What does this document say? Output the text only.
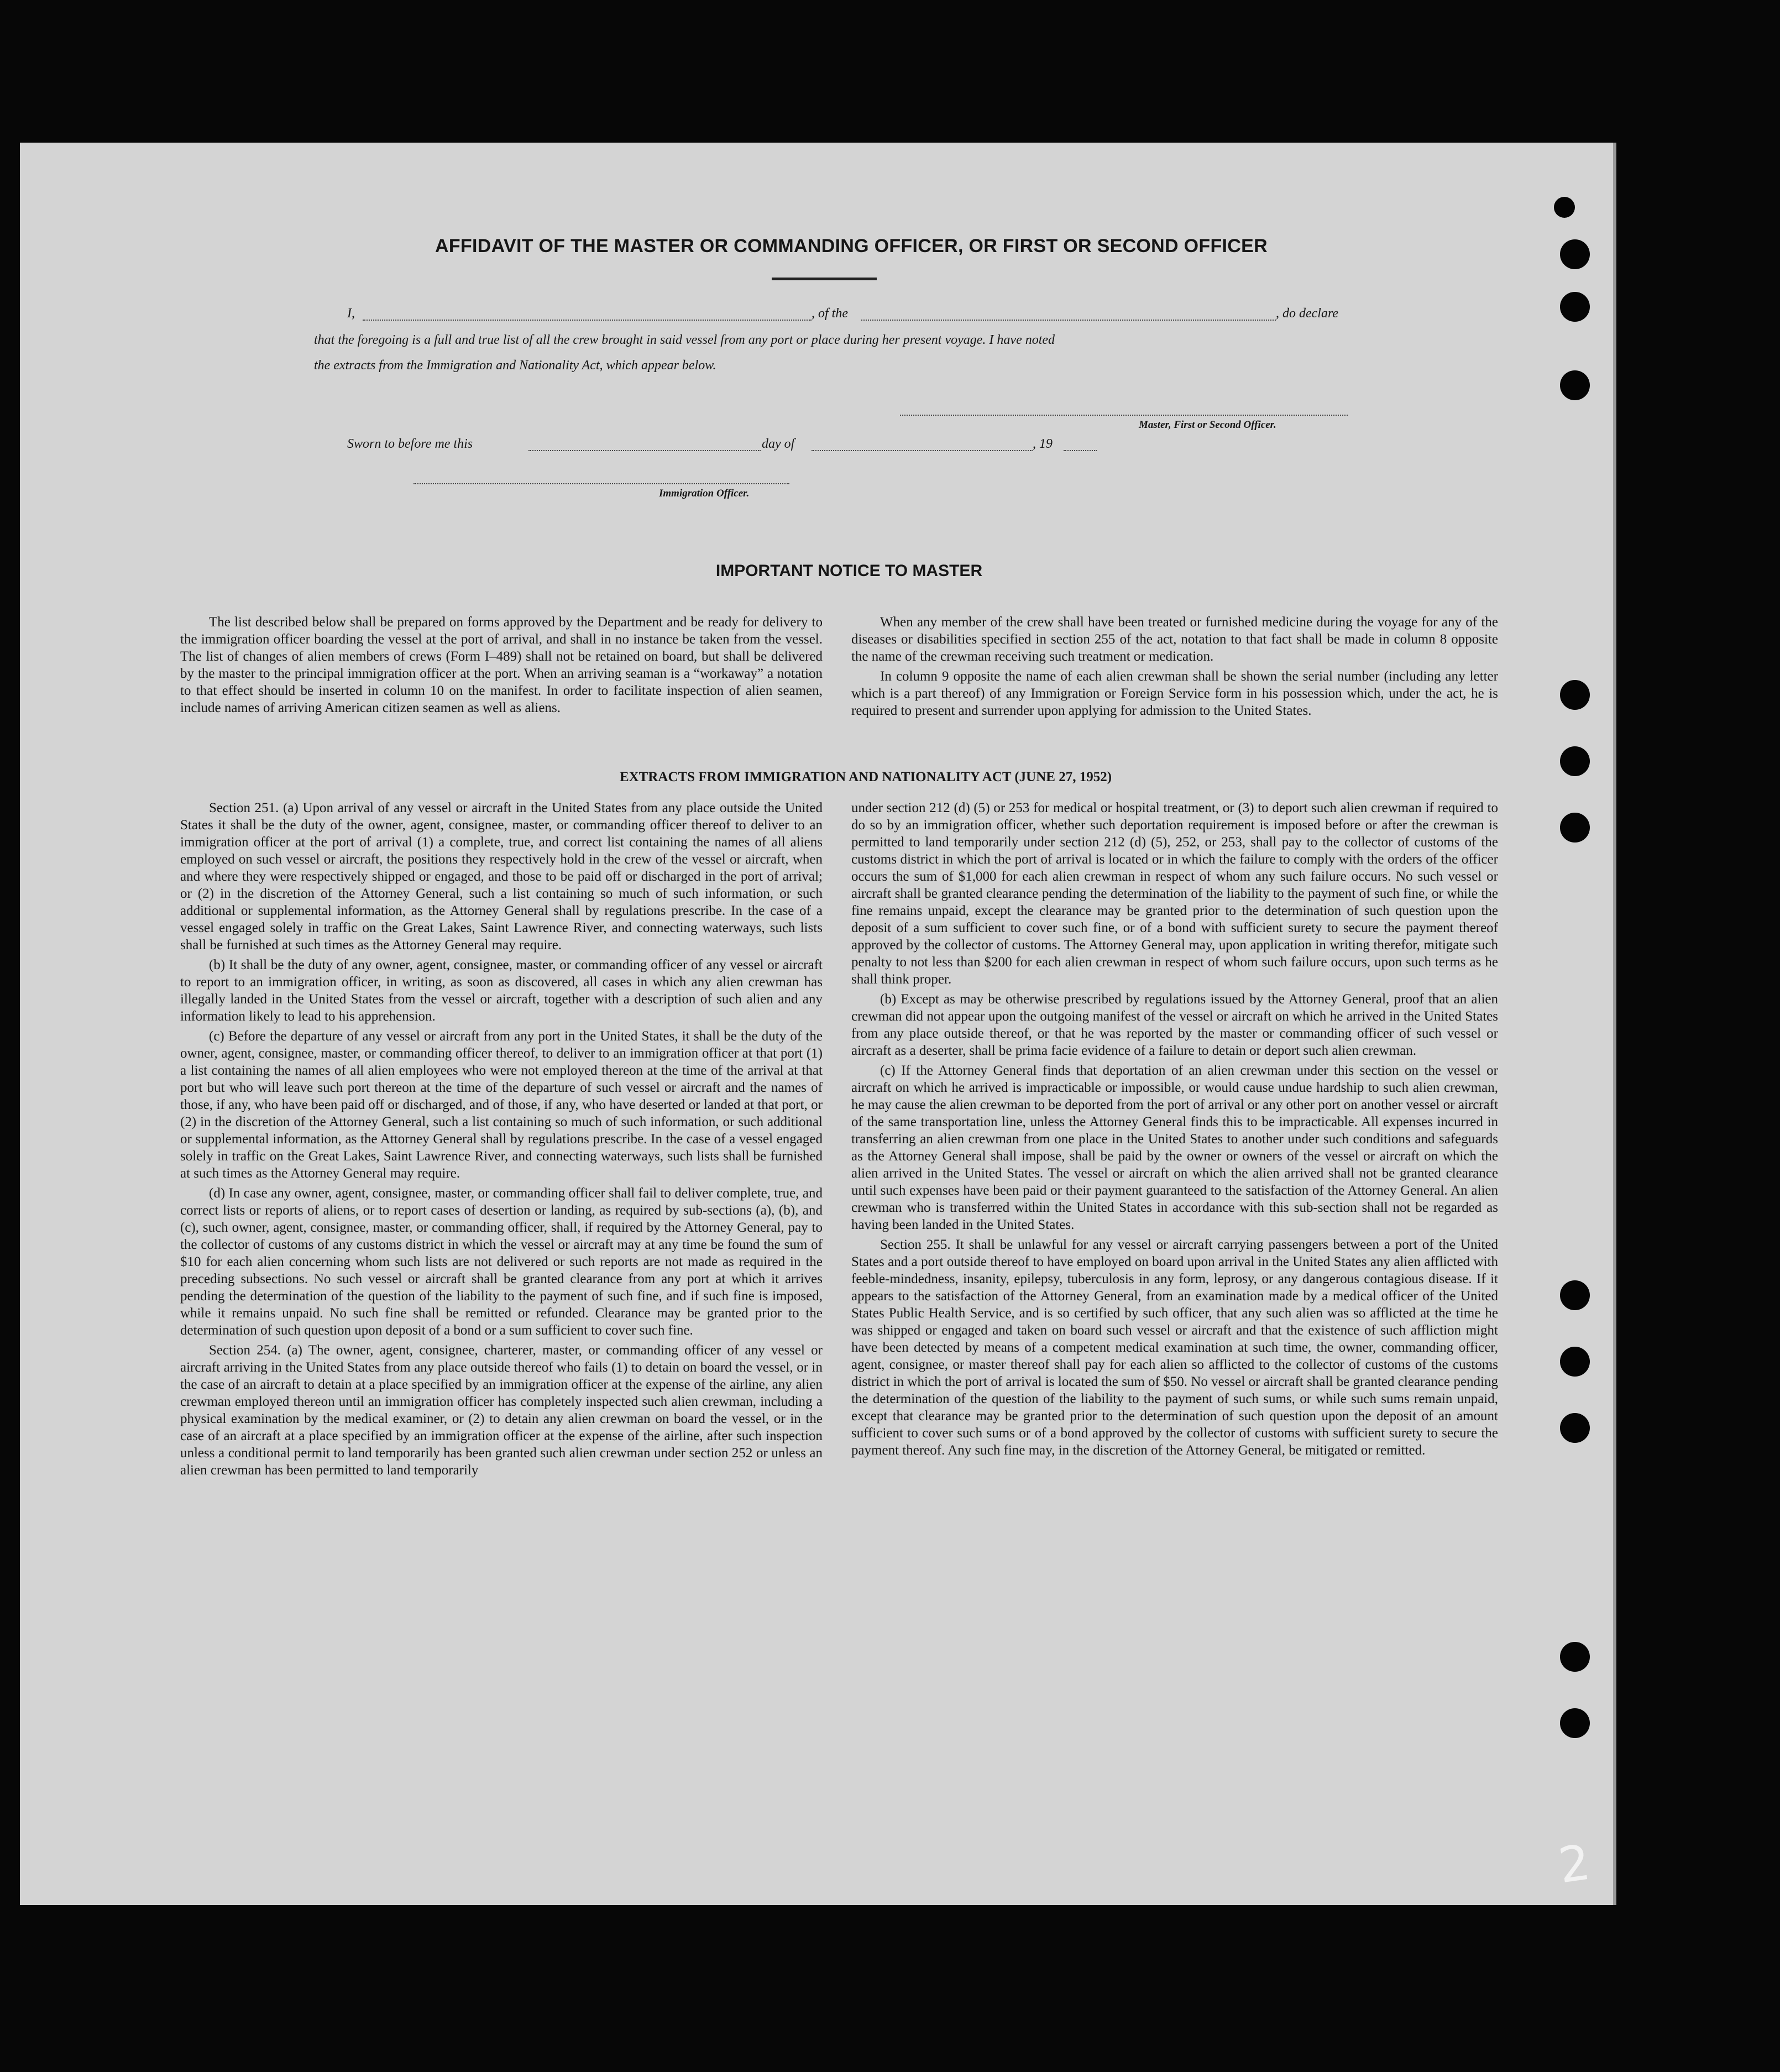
AFFIDAVIT OF THE MASTER OR COMMANDING OFFICER, OR FIRST OR SECOND OFFICER
I,	, of the	, do declare
that the foregoing is a full and true list of all the crew brought in said vessel from any port or place during her present voyage. I have noted
the extracts from the Immigration and Nationality Act, which appear below.
Master, First or Second Officer.
Sworn to before me this	day of	, 19
Immigration Officer.
IMPORTANT NOTICE TO MASTER

The list described below shall be prepared on forms approved by the Department and be ready for delivery to the immigration officer boarding the vessel at the port of arrival, and shall in no instance be taken from the vessel. The list of changes of alien members of crews (Form I–489) shall not be retained on board, but shall be delivered by the master to the principal immigration officer at the port. When an arriving seaman is a “workaway” a notation to that effect should be inserted in column 10 on the manifest. In order to facilitate inspection of alien seamen, include names of arriving American citizen seamen as well as aliens.

When any member of the crew shall have been treated or furnished medicine during the voyage for any of the diseases or disabilities specified in section 255 of the act, notation to that fact shall be made in column 8 opposite the name of the crewman receiving such treatment or medication.

In column 9 opposite the name of each alien crewman shall be shown the serial number (including any letter which is a part thereof) of any Immigration or Foreign Service form in his possession which, under the act, he is required to present and surrender upon applying for admission to the United States.

EXTRACTS FROM IMMIGRATION AND NATIONALITY ACT (JUNE 27, 1952)

Section 251. (a) Upon arrival of any vessel or aircraft in the United States from any place outside the United States it shall be the duty of the owner, agent, consignee, master, or commanding officer thereof to deliver to an immigration officer at the port of arrival (1) a complete, true, and correct list containing the names of all aliens employed on such vessel or aircraft, the positions they respectively hold in the crew of the vessel or aircraft, when and where they were respectively shipped or engaged, and those to be paid off or discharged in the port of arrival; or (2) in the discretion of the Attorney General, such a list containing so much of such information, or such additional or supplemental information, as the Attorney General shall by regulations prescribe. In the case of a vessel engaged solely in traffic on the Great Lakes, Saint Lawrence River, and connecting waterways, such lists shall be furnished at such times as the Attorney General may require.

(b) It shall be the duty of any owner, agent, consignee, master, or commanding officer of any vessel or aircraft to report to an immigration officer, in writing, as soon as discovered, all cases in which any alien crewman has illegally landed in the United States from the vessel or aircraft, together with a description of such alien and any information likely to lead to his apprehension.

(c) Before the departure of any vessel or aircraft from any port in the United States, it shall be the duty of the owner, agent, consignee, master, or commanding officer thereof, to deliver to an immigration officer at that port (1) a list containing the names of all alien employees who were not employed thereon at the time of the arrival at that port but who will leave such port thereon at the time of the departure of such vessel or aircraft and the names of those, if any, who have been paid off or discharged, and of those, if any, who have deserted or landed at that port, or (2) in the discretion of the Attorney General, such a list containing so much of such information, or such additional or supplemental information, as the Attorney General shall by regulations prescribe. In the case of a vessel engaged solely in traffic on the Great Lakes, Saint Lawrence River, and connecting waterways, such lists shall be furnished at such times as the Attorney General may require.

(d) In case any owner, agent, consignee, master, or commanding officer shall fail to deliver complete, true, and correct lists or reports of aliens, or to report cases of desertion or landing, as required by sub-sections (a), (b), and (c), such owner, agent, consignee, master, or commanding officer, shall, if required by the Attorney General, pay to the collector of customs of any customs district in which the vessel or aircraft may at any time be found the sum of $10 for each alien concerning whom such lists are not delivered or such reports are not made as required in the preceding subsections. No such vessel or aircraft shall be granted clearance from any port at which it arrives pending the determination of the question of the liability to the payment of such fine, and if such fine is imposed, while it remains unpaid. No such fine shall be remitted or refunded. Clearance may be granted prior to the determination of such question upon deposit of a bond or a sum sufficient to cover such fine.

Section 254. (a) The owner, agent, consignee, charterer, master, or commanding officer of any vessel or aircraft arriving in the United States from any place outside thereof who fails (1) to detain on board the vessel, or in the case of an aircraft to detain at a place specified by an immigration officer at the expense of the airline, any alien crewman employed thereon until an immigration officer has completely inspected such alien crewman, including a physical examination by the medical examiner, or (2) to detain any alien crewman on board the vessel, or in the case of an aircraft at a place specified by an immigration officer at the expense of the airline, after such inspection unless a conditional permit to land temporarily has been granted such alien crewman under section 252 or unless an alien crewman has been permitted to land temporarily

under section 212 (d) (5) or 253 for medical or hospital treatment, or (3) to deport such alien crewman if required to do so by an immigration officer, whether such deportation requirement is imposed before or after the crewman is permitted to land temporarily under section 212 (d) (5), 252, or 253, shall pay to the collector of customs of the customs district in which the port of arrival is located or in which the failure to comply with the orders of the officer occurs the sum of $1,000 for each alien crewman in respect of whom any such failure occurs. No such vessel or aircraft shall be granted clearance pending the determination of the liability to the payment of such fine, or while the fine remains unpaid, except the clearance may be granted prior to the determination of such question upon the deposit of a sum sufficient to cover such fine, or of a bond with sufficient surety to secure the payment thereof approved by the collector of customs. The Attorney General may, upon application in writing therefor, mitigate such penalty to not less than $200 for each alien crewman in respect of whom such failure occurs, upon such terms as he shall think proper.

(b) Except as may be otherwise prescribed by regulations issued by the Attorney General, proof that an alien crewman did not appear upon the outgoing manifest of the vessel or aircraft on which he arrived in the United States from any place outside thereof, or that he was reported by the master or commanding officer of such vessel or aircraft as a deserter, shall be prima facie evidence of a failure to detain or deport such alien crewman.

(c) If the Attorney General finds that deportation of an alien crewman under this section on the vessel or aircraft on which he arrived is impracticable or impossible, or would cause undue hardship to such alien crewman, he may cause the alien crewman to be deported from the port of arrival or any other port on another vessel or aircraft of the same transportation line, unless the Attorney General finds this to be impracticable. All expenses incurred in transferring an alien crewman from one place in the United States to another under such conditions and safeguards as the Attorney General shall impose, shall be paid by the owner or owners of the vessel or aircraft on which the alien arrived in the United States. The vessel or aircraft on which the alien arrived shall not be granted clearance until such expenses have been paid or their payment guaranteed to the satisfaction of the Attorney General. An alien crewman who is transferred within the United States in accordance with this sub-section shall not be regarded as having been landed in the United States.

Section 255. It shall be unlawful for any vessel or aircraft carrying passengers between a port of the United States and a port outside thereof to have employed on board upon arrival in the United States any alien afflicted with feeble-mindedness, insanity, epilepsy, tuberculosis in any form, leprosy, or any dangerous contagious disease. If it appears to the satisfaction of the Attorney General, from an examination made by a medical officer of the United States Public Health Service, and is so certified by such officer, that any such alien was so afflicted at the time he was shipped or engaged and taken on board such vessel or aircraft and that the existence of such affliction might have been detected by means of a competent medical examination at such time, the owner, commanding officer, agent, consignee, or master thereof shall pay for each alien so afflicted to the collector of customs of the customs district in which the port of arrival is located the sum of $50. No vessel or aircraft shall be granted clearance pending the determination of the question of the liability to the payment of such sums, or while such sums remain unpaid, except that clearance may be granted prior to the determination of such question upon the deposit of an amount sufficient to cover such sums or of a bond approved by the collector of customs with sufficient surety to secure the payment thereof. Any such fine may, in the discretion of the Attorney General, be mitigated or remitted.

2
